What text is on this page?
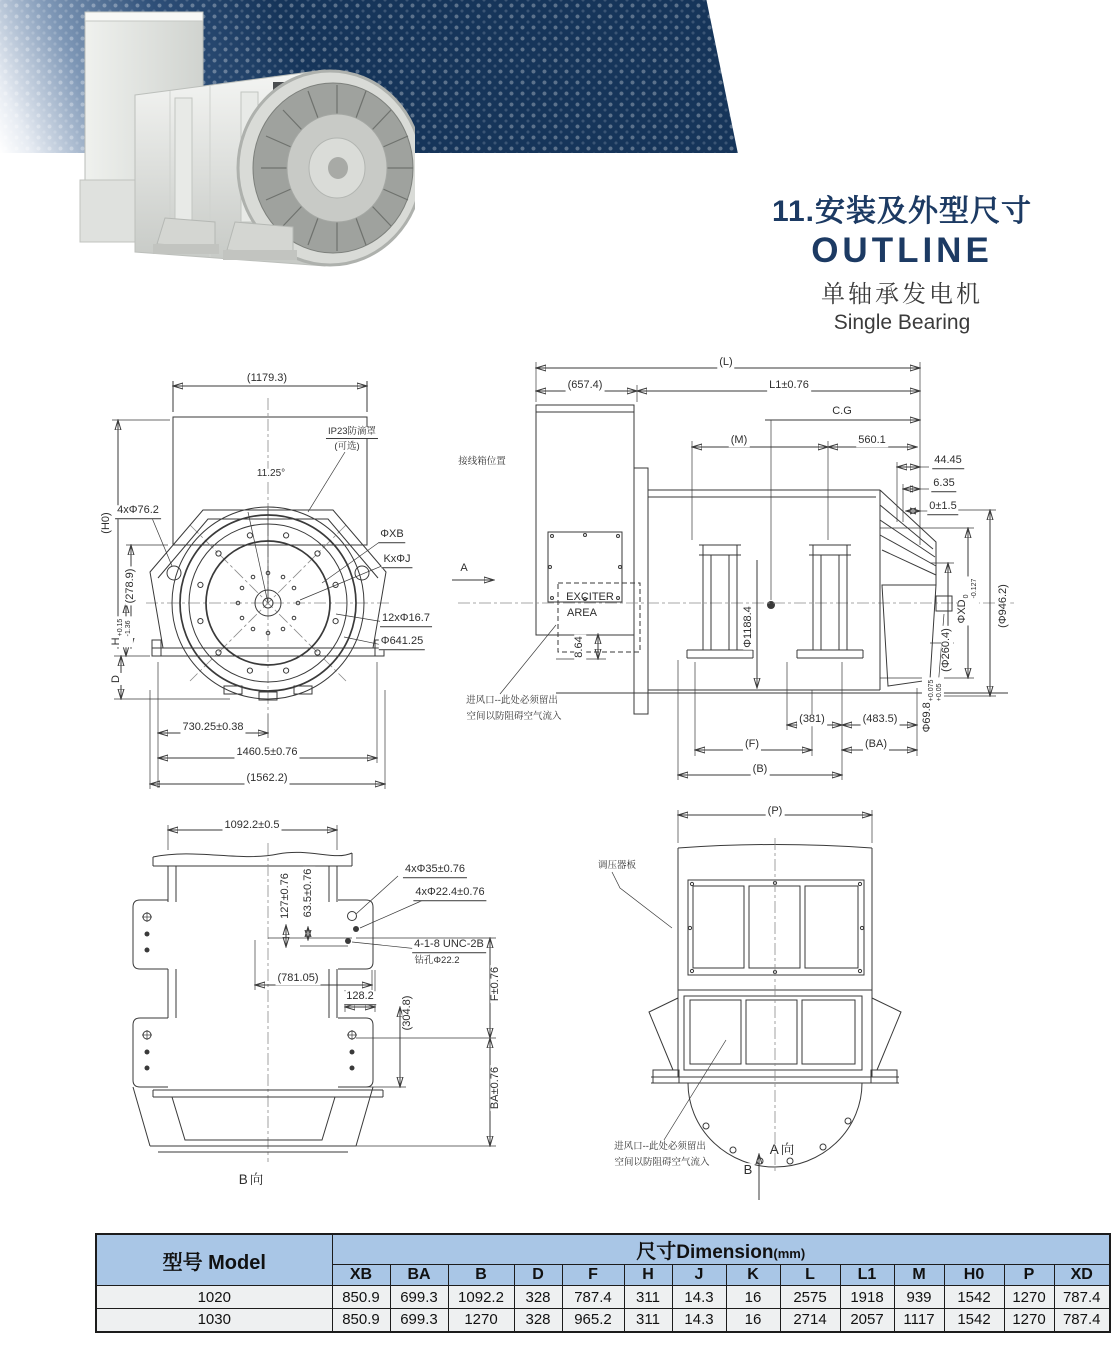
11.安装及外型尺寸
OUTLINE
单轴承发电机
Single Bearing
(1179.3)
IP23防滴罩
(可选)
11.25°
4xΦ76.2
ΦXB
KxΦJ
(H0)
(278.9)
H
+0.15 -1.36
D
12xΦ16.7
Φ641.25
730.25±0.38
1460.5±0.76
(1562.2)
(L)
(657.4)	L1±0.76
C.G
(M)	560.1
44.45
6.35
0±1.5
接线箱位置
A
EXCITER
AREA
8.64	Φ1188.4	ΦXD
0 -0.127 (Φ946.2)
(Φ260.4)
Φ69.8
+0.075 +0.05
进风口--此处必须留出
空间以防阻碍空气流入	(381)	(483.5)
(F)	(BA)
(B)
1092.2±0.5
127±0.76 63.5±0.76	4xΦ35±0.76
4xΦ22.4±0.76
4-1-8 UNC-2B
钻孔Φ22.2
(781.05)
128.2 (304.8)
F±0.76
BA±0.76
B向
(P)
调压器板
进风口--此处必须留出
空间以防阻碍空气流入
A向
B
型号 Model	尺寸Dimension(mm)													
	XB	BA	B	D	F	H	J	K	L	L1	M	H0	P	XD
1020	850.9	699.3	1092.2	328	787.4	311	14.3	16	2575	1918	939	1542	1270	787.4
1030	850.9	699.3	1270	328	965.2	311	14.3	16	2714	2057	1117	1542	1270	787.4
